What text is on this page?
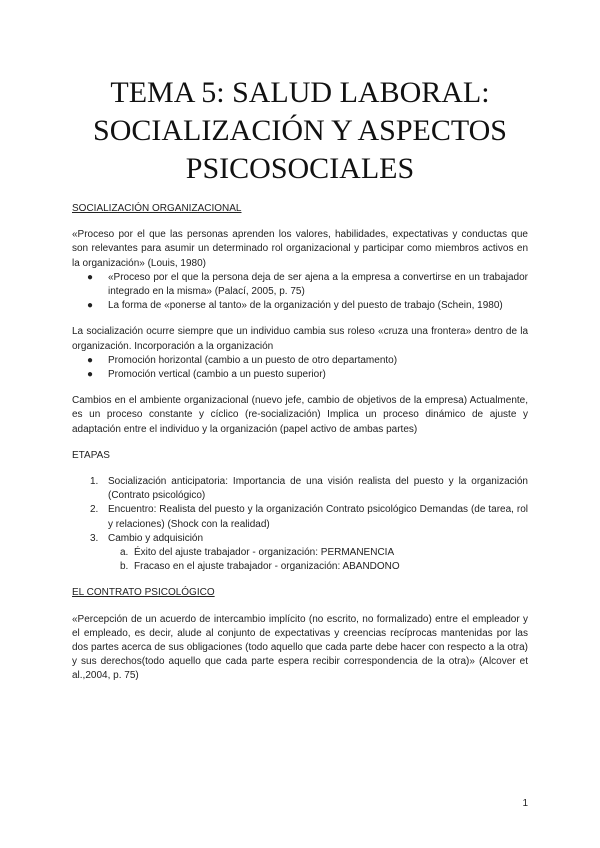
TEMA 5: SALUD LABORAL:
SOCIALIZACIÓN Y ASPECTOS
PSICOSOCIALES
SOCIALIZACIÓN ORGANIZACIONAL

«Proceso por el que las personas aprenden los valores, habilidades, expectativas y conductas que son relevantes para asumir un determinado rol organizacional y participar como miembros activos en la organización» (Louis, 1980)

● «Proceso por el que la persona deja de ser ajena a la empresa a convertirse en un trabajador integrado en la misma» (Palací, 2005, p. 75)
● La forma de «ponerse al tanto» de la organización y del puesto de trabajo (Schein, 1980)

La socialización ocurre siempre que un individuo cambia sus roleso «cruza una frontera» dentro de la organización. Incorporación a la organización

● Promoción horizontal (cambio a un puesto de otro departamento)
● Promoción vertical (cambio a un puesto superior)

Cambios en el ambiente organizacional (nuevo jefe, cambio de objetivos de la empresa) Actualmente, es un proceso constante y cíclico (re-socialización) Implica un proceso dinámico de ajuste y adaptación entre el individuo y la organización (papel activo de ambas partes)

ETAPAS
1. Socialización anticipatoria: Importancia de una visión realista del puesto y la organización (Contrato psicológico)
2. Encuentro: Realista del puesto y la organización Contrato psicológico Demandas (de tarea, rol y relaciones) (Shock con la realidad)
3. Cambio y adquisición
a. Éxito del ajuste trabajador - organización: PERMANENCIA
b. Fracaso en el ajuste trabajador - organización: ABANDONO
EL CONTRATO PSICOLÓGICO

«Percepción de un acuerdo de intercambio implícito (no escrito, no formalizado) entre el empleador y el empleado, es decir, alude al conjunto de expectativas y creencias recíprocas mantenidas por las dos partes acerca de sus obligaciones (todo aquello que cada parte debe hacer con respecto a la otra) y sus derechos(todo aquello que cada parte espera recibir correspondencia de la otra)» (Alcover et al.,2004, p. 75)

1
